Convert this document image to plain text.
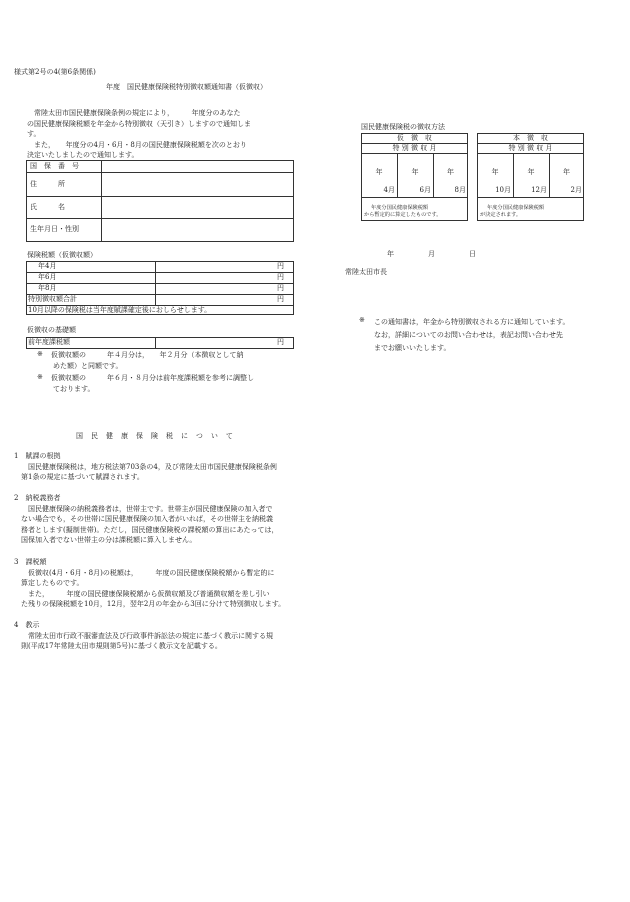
様式第2号の4(第6条関係)
年度　国民健康保険税特別徴収額通知書（仮徴収）
常陸太田市国民健康保険条例の規定により，　　　年度分のあなた
の国民健康保険税額を年金から特別徴収（天引き）しますので通知しま
す。
また，　　年度分の4月・6月・8月の国民健康保険税額を次のとおり
決定いたしましたので通知します。
国　保　番　号
住　　　所
氏　　　名
生年月日・性別
保険税額（仮徴収額）
年4月	円
年6月	円
年8月	円
特別徴収額合計	円
10月以降の保険税は当年度賦課確定後におしらせします。
仮徴収の基礎額
前年度課税額	円
※ 仮徴収額の　　　年４月分は，　　年２月分（本徴収として納
めた額）と同額です。
※ 仮徴収額の　　　年６月・８月分は前年度課税額を参考に調整し
ております。
国民健康保険税の徴収方法
仮　徴　収
特 別 徴 収 月
年	年	年
4月	6月	8月
年度分国民健康保険税額
から暫定的に算定したものです。
本　徴　収
特 別 徴 収 月
年	年	年
10月	12月	2月
年度分国民健康保険税額
が決定されます。
年	月	日
常陸太田市長
※ この通知書は，年金から特別徴収される方に通知しています。
なお，詳細についてのお問い合わせは，表記お問い合わせ先
までお願いいたします。
国民健康保険税について
1　 賦課の根拠
国民健康保険税は，地方税法第703条の4，及び常陸太田市国民健康保険税条例
第1条の規定に基づいて賦課されます。
2　 納税義務者
国民健康保険の納税義務者は，世帯主です。世帯主が国民健康保険の加入者で
ない場合でも，その世帯に国民健康保険の加入者がいれば，その世帯主を納税義
務者とします(擬制世帯)。ただし，国民健康保険税の課税額の算出にあたっては，
国保加入者でない世帯主の分は課税額に算入しません。
3　 課税額
仮徴収(4月・6月・8月)の税額は，　　　年度の国民健康保険税額から暫定的に
算定したものです。
また，　　　年度の国民健康保険税額から仮徴収額及び普通徴収額を差し引い
た残りの保険税額を10月，12月，翌年2月の年金から3回に分けて特別徴収します。
4　 教示
常陸太田市行政不服審査法及び行政事件訴訟法の規定に基づく教示に関する規
則(平成17年常陸太田市規則第5号)に基づく教示文を記載する。
